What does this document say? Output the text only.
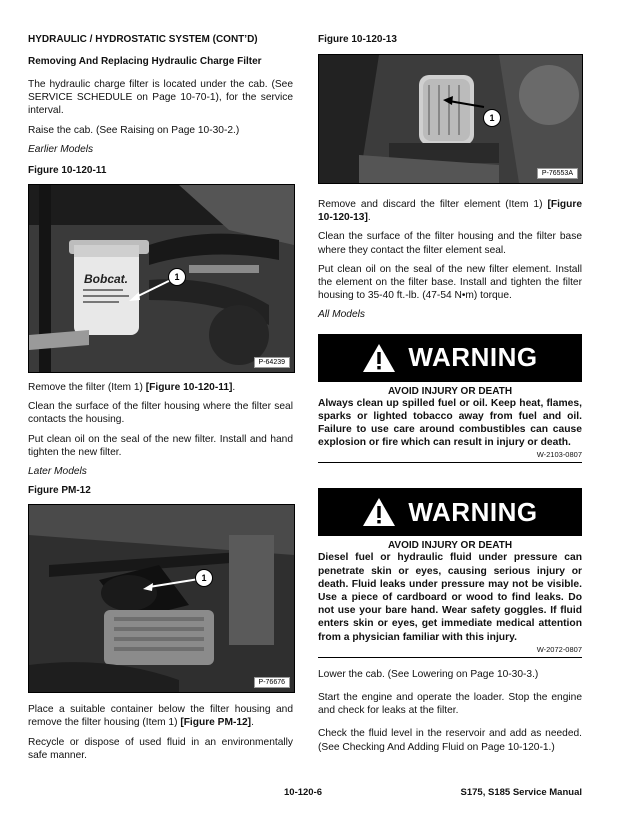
HYDRAULIC / HYDROSTATIC SYSTEM (CONT’D)
Removing And Replacing Hydraulic Charge Filter

The hydraulic charge filter is located under the cab. (See SERVICE SCHEDULE on Page 10-70-1), for the service interval.

Raise the cab. (See Raising on Page 10-30-2.)

Earlier Models

Figure 10-120-11
Bobcat.	1
P-64239

Remove the filter (Item 1) [Figure 10-120-11].

Clean the surface of the filter housing where the filter seal contacts the housing.

Put clean oil on the seal of the new filter. Install and hand tighten the new filter.

Later Models

Figure PM-12
1
P-76676

Place a suitable container below the filter housing and remove the filter housing (Item 1) [Figure PM-12].

Recycle or dispose of used fluid in an environmentally safe manner.

Figure 10-120-13
1
P-76553A

Remove and discard the filter element (Item 1) [Figure 10-120-13].

Clean the surface of the filter housing and the filter base where they contact the filter element seal.

Put clean oil on the seal of the new filter element. Install the element on the filter base. Install and tighten the filter housing to 35-40 ft.-lb. (47-54 N•m) torque.

All Models

WARNING
AVOID INJURY OR DEATH
Always clean up spilled fuel or oil. Keep heat, flames, sparks or lighted tobacco away from fuel and oil. Failure to use care around combustibles can cause explosion or fire which can result in injury or death.
W-2103-0807
WARNING
AVOID INJURY OR DEATH
Diesel fuel or hydraulic fluid under pressure can penetrate skin or eyes, causing serious injury or death. Fluid leaks under pressure may not be visible. Use a piece of cardboard or wood to find leaks. Do not use your bare hand. Wear safety goggles. If fluid enters skin or eyes, get immediate medical attention from a physician familiar with this injury.
W-2072-0807

Lower the cab. (See Lowering on Page 10-30-3.)

Start the engine and operate the loader. Stop the engine and check for leaks at the filter.

Check the fluid level in the reservoir and add as needed. (See Checking And Adding Fluid on Page 10-120-1.)

10-120-6	S175, S185 Service Manual
